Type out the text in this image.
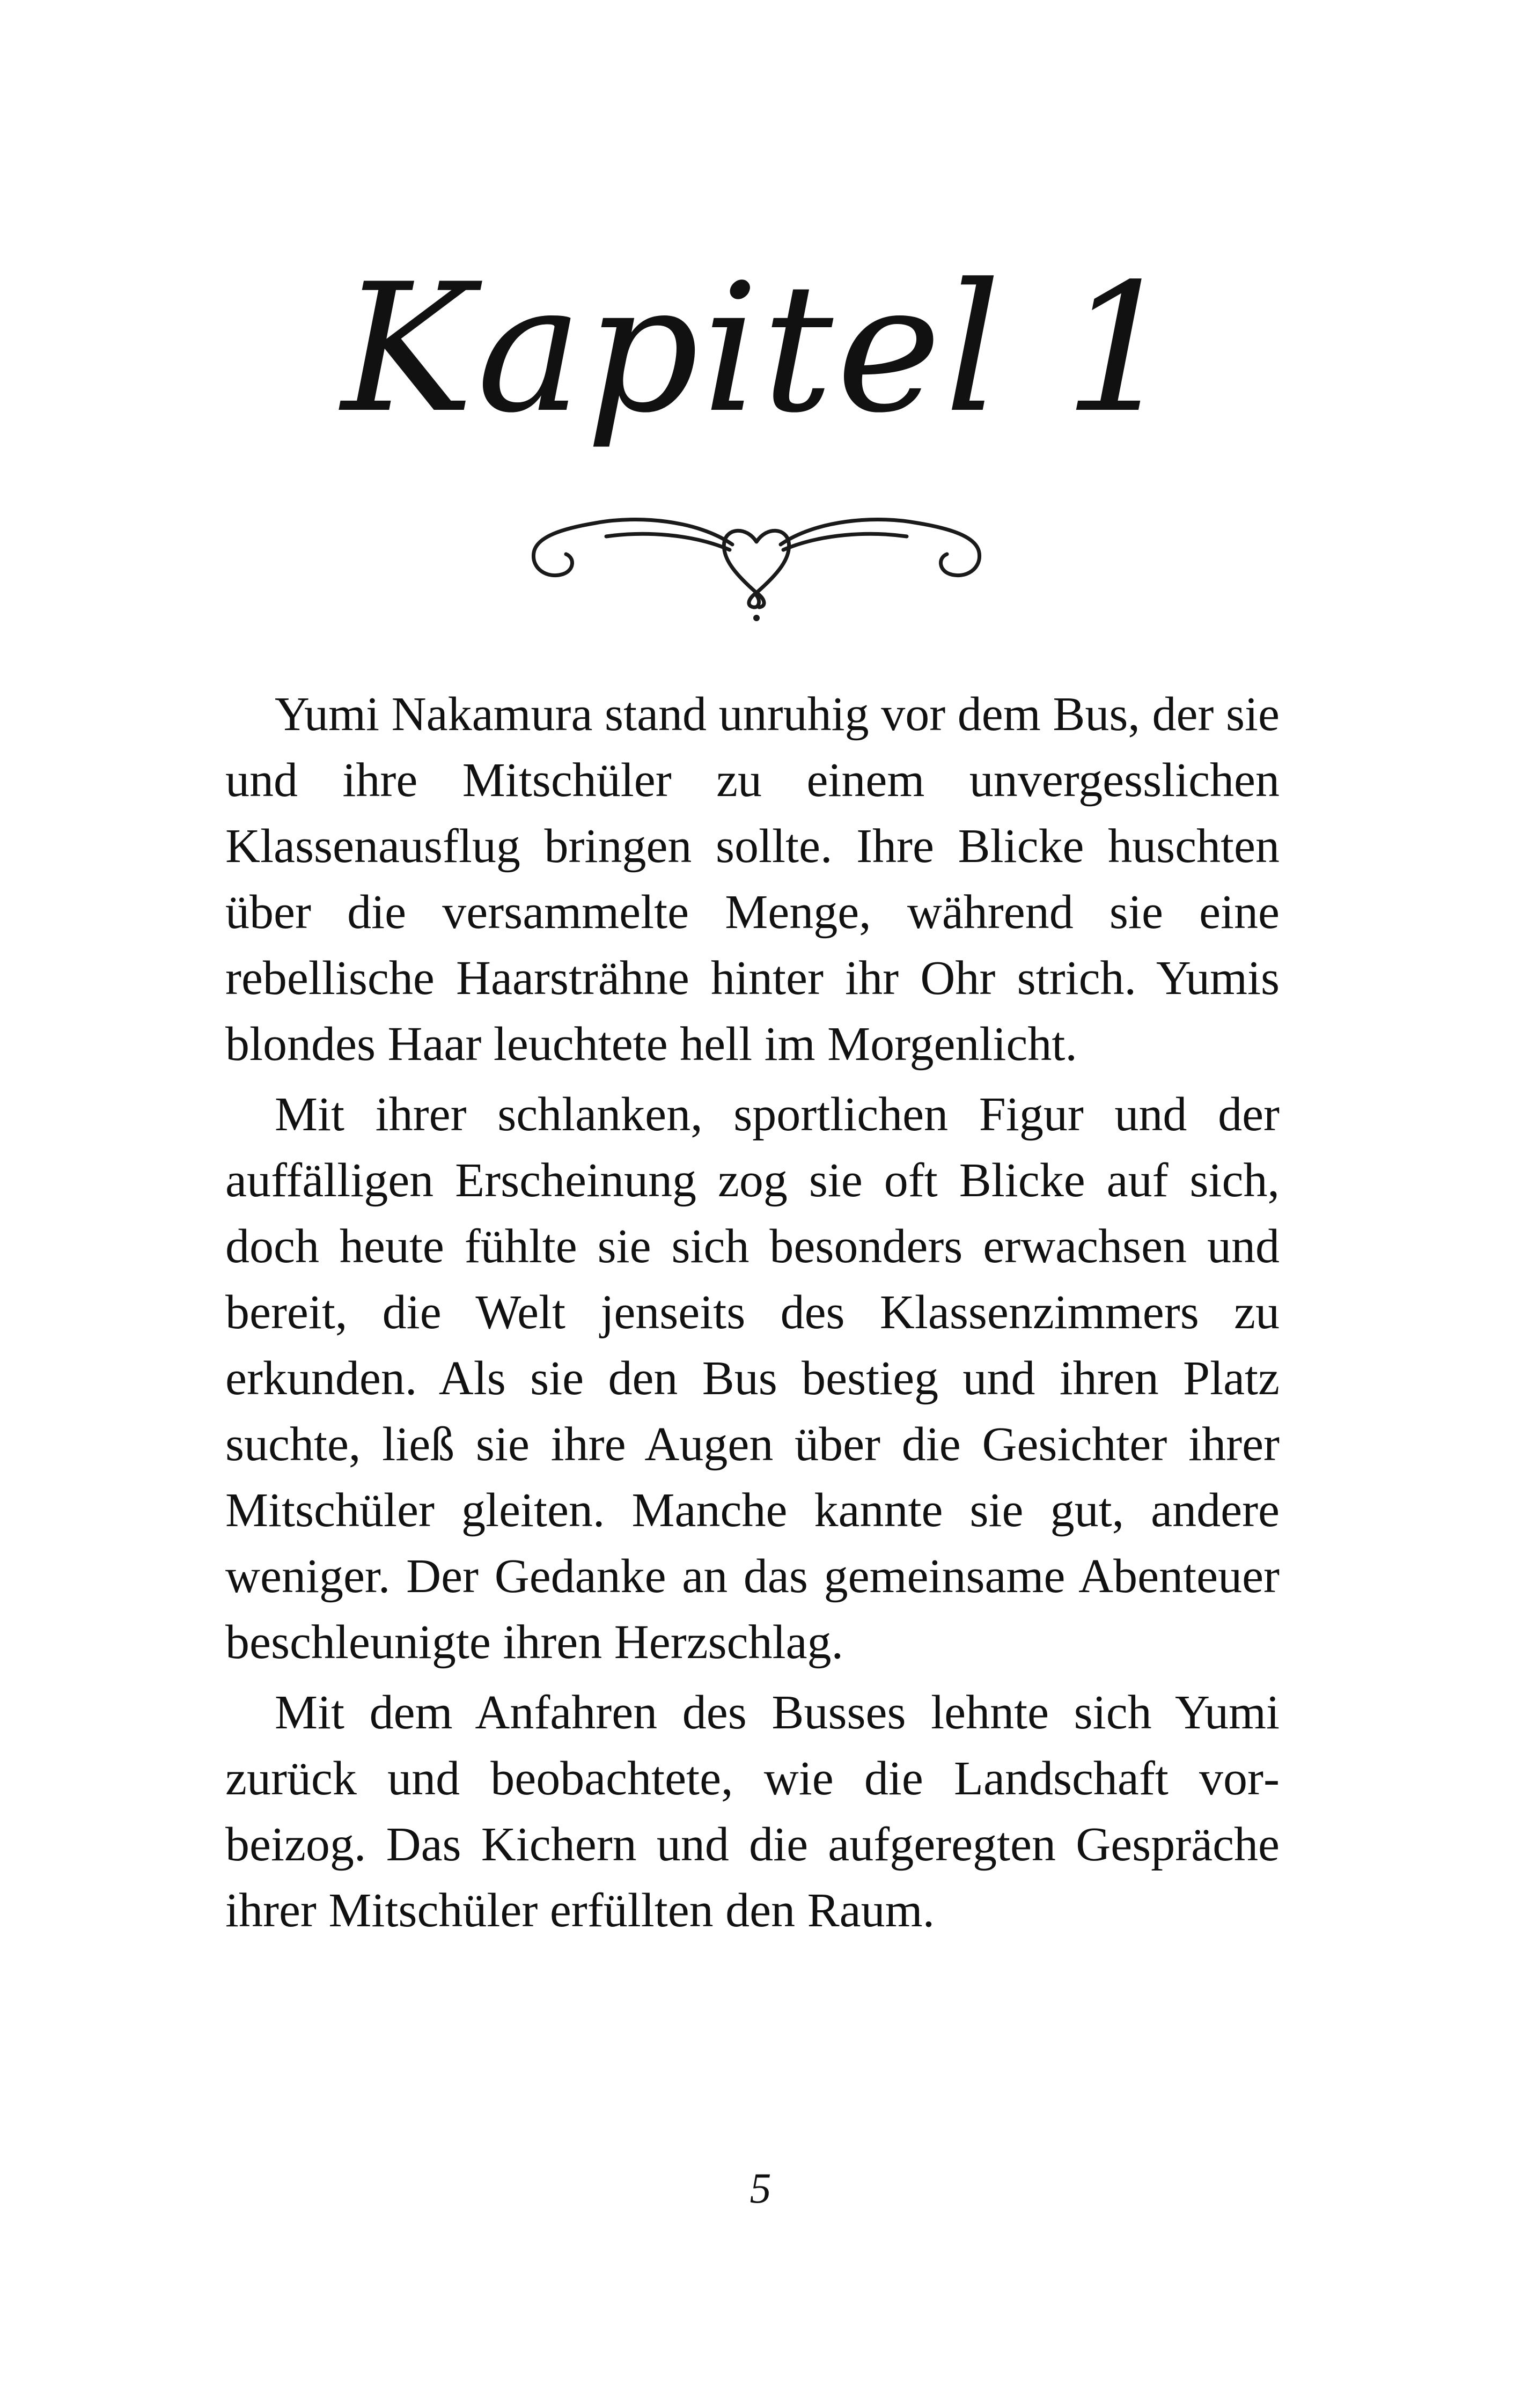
Kapitel 1

Yumi Nakamura stand unruhig vor dem Bus, der sie und ihre Mitschüler zu einem unvergesslichen Klassenausflug bringen sollte. Ihre Blicke huschten über die versammelte Menge, während sie eine rebellische Haarsträhne hinter ihr Ohr strich. Yumis blondes Haar leuchtete hell im Morgenlicht.

Mit ihrer schlanken, sportlichen Figur und der auffälligen Erscheinung zog sie oft Blicke auf sich, doch heute fühlte sie sich besonders erwachsen und bereit, die Welt jenseits des Klassenzimmers zu erkunden. Als sie den Bus bestieg und ihren Platz suchte, ließ sie ihre Augen über die Gesichter ihrer Mitschüler gleiten. Manche kannte sie gut, andere weniger. Der Gedanke an das gemeinsame Abenteuer beschleunigte ihren Herzschlag.

Mit dem Anfahren des Busses lehnte sich Yumi zurück und beobachtete, wie die Landschaft vorbeizog. Das Kichern und die aufgeregten Gespräche ihrer Mitschüler erfüllten den Raum.

5
